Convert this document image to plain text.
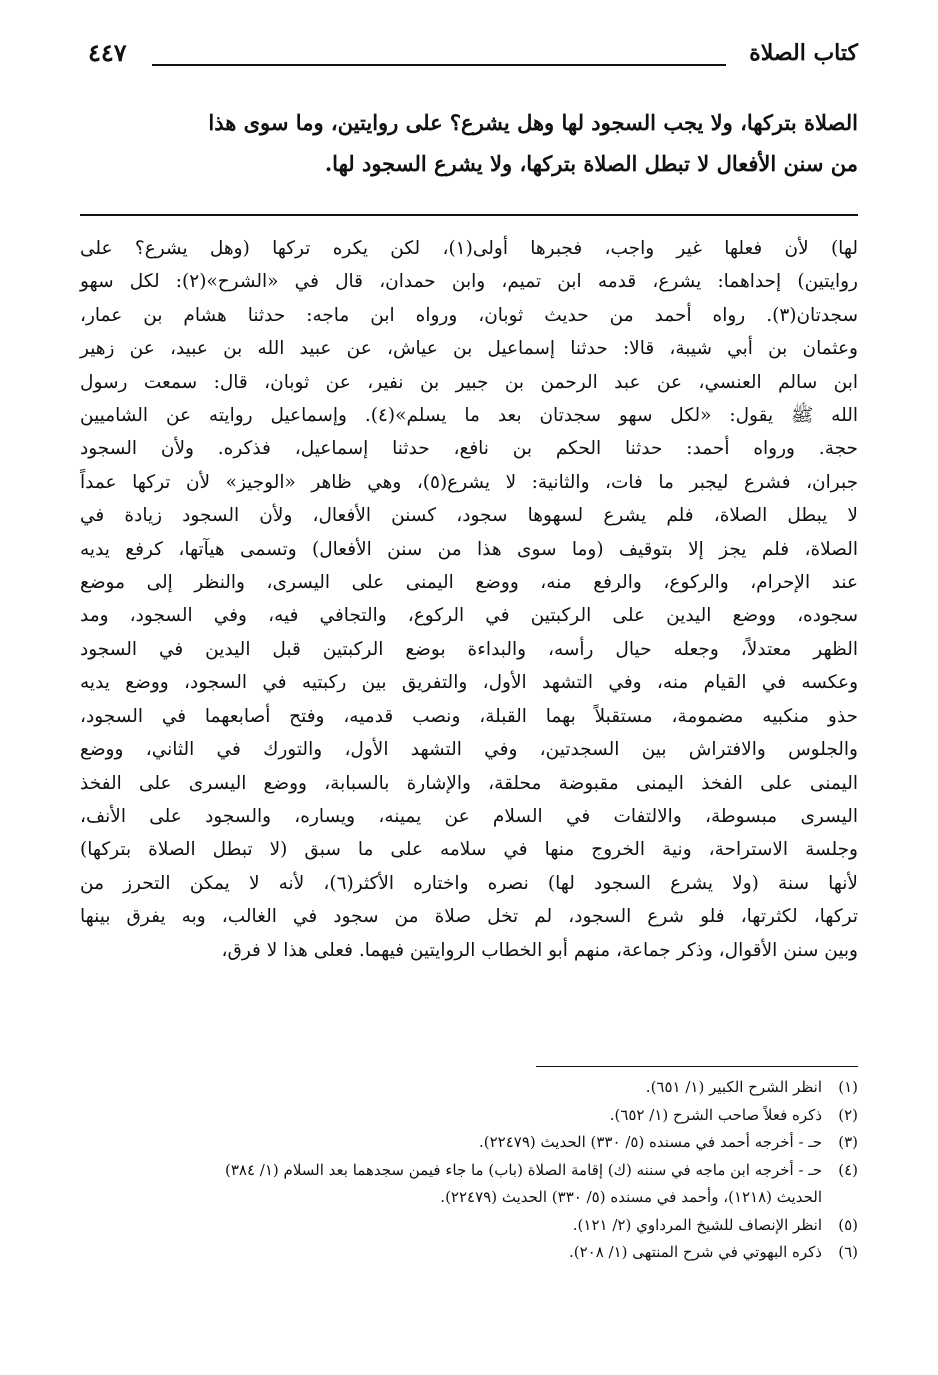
كتاب الصلاة
٤٤٧

الصلاة بتركها، ولا يجب السجود لها وهل يشرع؟ على روايتين، وما سوى هذا

من سنن الأفعال لا تبطل الصلاة بتركها، ولا يشرع السجود لها.

لها) لأن فعلها غير واجب، فجبرها أولى(١)، لكن يكره تركها (وهل يشرع؟ على

روايتين) إحداهما: يشرع، قدمه ابن تميم، وابن حمدان، قال في «الشرح»(٢): لكل سهو

سجدتان(٣). رواه أحمد من حديث ثوبان، ورواه ابن ماجه: حدثنا هشام بن عمار،

وعثمان بن أبي شيبة، قالا: حدثنا إسماعيل بن عياش، عن عبيد الله بن عبيد، عن زهير

ابن سالم العنسي، عن عبد الرحمن بن جبير بن نفير، عن ثوبان، قال: سمعت رسول

الله ﷺ يقول: «لكل سهو سجدتان بعد ما يسلم»(٤). وإسماعيل روايته عن الشاميين

حجة. ورواه أحمد: حدثنا الحكم بن نافع، حدثنا إسماعيل، فذكره. ولأن السجود

جبران، فشرع ليجبر ما فات، والثانية: لا يشرع(٥)، وهي ظاهر «الوجيز» لأن تركها عمداً

لا يبطل الصلاة، فلم يشرع لسهوها سجود، كسنن الأفعال، ولأن السجود زيادة في

الصلاة، فلم يجز إلا بتوقيف (وما سوى هذا من سنن الأفعال) وتسمى هيآتها، كرفع يديه

عند الإحرام، والركوع، والرفع منه، ووضع اليمنى على اليسرى، والنظر إلى موضع

سجوده، ووضع اليدين على الركبتين في الركوع، والتجافي فيه، وفي السجود، ومد

الظهر معتدلاً، وجعله حيال رأسه، والبداءة بوضع الركبتين قبل اليدين في السجود

وعكسه في القيام منه، وفي التشهد الأول، والتفريق بين ركبتيه في السجود، ووضع يديه

حذو منكبيه مضمومة، مستقبلاً بهما القبلة، ونصب قدميه، وفتح أصابعهما في السجود،

والجلوس والافتراش بين السجدتين، وفي التشهد الأول، والتورك في الثاني، ووضع

اليمنى على الفخذ اليمنى مقبوضة محلقة، والإشارة بالسبابة، ووضع اليسرى على الفخذ

اليسرى مبسوطة، والالتفات في السلام عن يمينه، ويساره، والسجود على الأنف،

وجلسة الاستراحة، ونية الخروج منها في سلامه على ما سبق (لا تبطل الصلاة بتركها)

لأنها سنة (ولا يشرع السجود لها) نصره واختاره الأكثر(٦)، لأنه لا يمكن التحرز من

تركها، لكثرتها، فلو شرع السجود، لم تخل صلاة من سجود في الغالب، وبه يفرق بينها

وبين سنن الأقوال، وذكر جماعة، منهم أبو الخطاب الروايتين فيهما. فعلى هذا لا فرق،

(١)
انظر الشرح الكبير (١/ ٦٥١).
(٢)
ذكره فعلاً صاحب الشرح (١/ ٦٥٢).
(٣)
حـ - أخرجه أحمد في مسنده (٥/ ٣٣٠) الحديث (٢٢٤٧٩).
(٤)
حـ - أخرجه ابن ماجه في سننه (ك) إقامة الصلاة (باب) ما جاء فيمن سجدهما بعد السلام (١/ ٣٨٤)
الحديث (١٢١٨)، وأحمد في مسنده (٥/ ٣٣٠) الحديث (٢٢٤٧٩).
(٥)
انظر الإنصاف للشيخ المرداوي (٢/ ١٢١).
(٦)
ذكره البهوتي في شرح المنتهى (١/ ٢٠٨).
